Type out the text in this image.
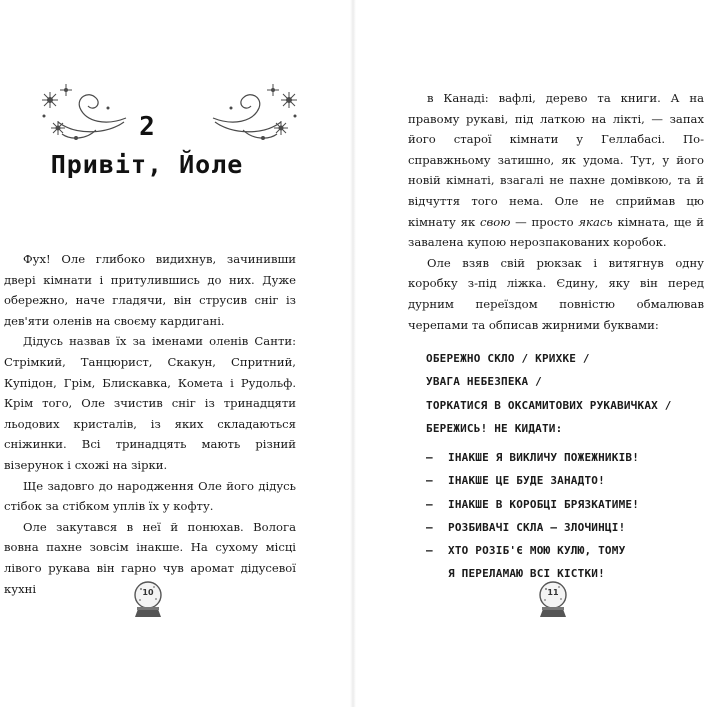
2
Привіт, Йоле

Фух! Оле глибоко видихнув, зачинивши двері кімнати і притулившись до них. Дуже обережно, наче гладячи, він струсив сніг із дев'яти оленів на своєму кардигані.

Дідусь назвав їх за іменами оленів Санти: Стрімкий, Танцюрист, Скакун, Спритний, Купідон, Грім, Блискавка, Комета і Рудольф. Крім того, Оле зчистив сніг із тринадцяти льодових кристалів, із яких складаються сніжинки. Всі тринадцять мають різний візерунок і схожі на зірки.

Ще задовго до народження Оле його дідусь стібок за стібком уплів їх у кофту.

Оле закутався в неї й понюхав. Волога вовна пахне зовсім інакше. На сухому місці лівого рукава він гарно чув аромат дідусевої кухні	10

в Канаді: вафлі, дерево та книги. А на правому рукаві, під латкою на лікті, — запах його старої кімнати у Геллабасі. По-справжньому затишно, як удома. Тут, у його новій кімнаті, взагалі не пахне домівкою, та й відчуття того нема. Оле не сприймав цю кімнату як свою — просто якась кімната, ще й завалена купою нерозпакованих коробок.

Оле взяв свій рюкзак і витягнув одну коробку з-під ліжка. Єдину, яку він перед дурним переїздом повністю обмалював черепами та обписав жирними буквами:

ОБЕРЕЖНО СКЛО / КРИХКЕ /
УВАГА НЕБЕЗПЕКА /
ТОРКАТИСЯ В ОКСАМИТОВИХ РУКАВИЧКАХ /
БЕРЕЖИСЬ! НЕ КИДАТИ:
–	ІНАКШЕ Я ВИКЛИЧУ ПОЖЕЖНИКІВ!
–	ІНАКШЕ ЦЕ БУДЕ ЗАНАДТО!
–	ІНАКШЕ В КОРОБЦІ БРЯЗКАТИМЕ!
–	РОЗБИВАЧІ СКЛА — ЗЛОЧИНЦІ!
–	ХТО РОЗІБ'Є МОЮ КУЛЮ, ТОМУ
Я ПЕРЕЛАМАЮ ВСІ КІСТКИ!
11
